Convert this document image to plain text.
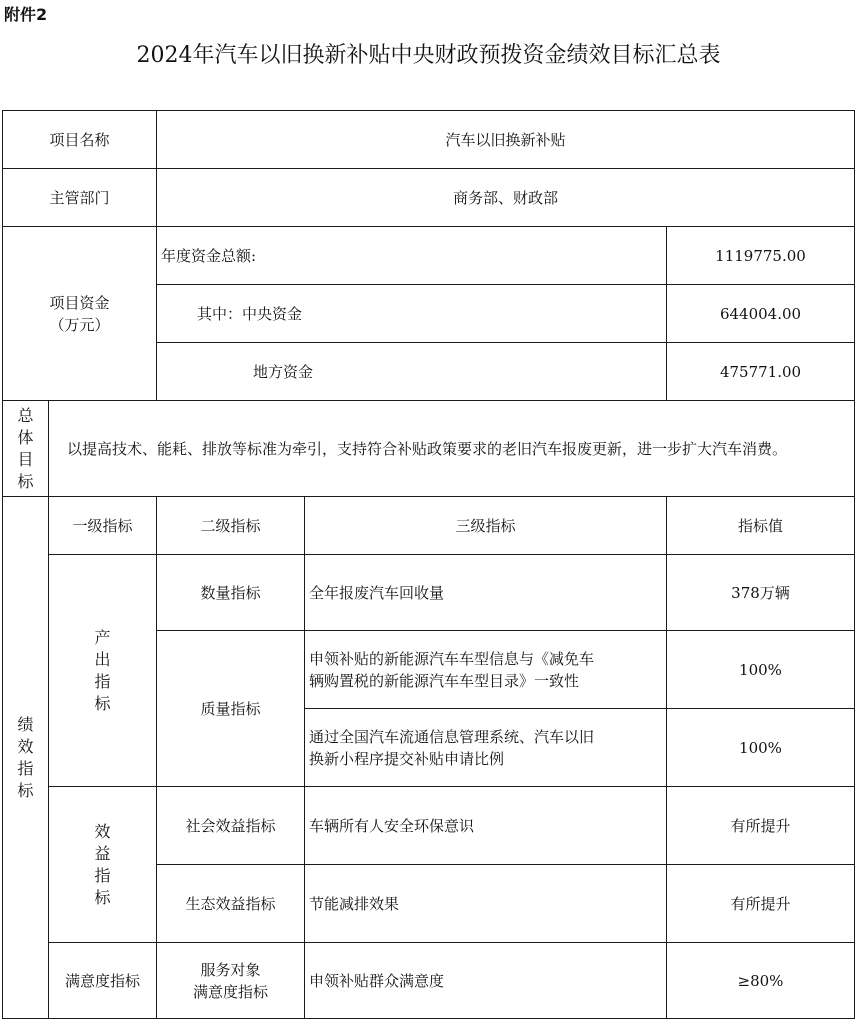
附件2
2024年汽车以旧换新补贴中央财政预拨资金绩效目标汇总表
项目名称		汽车以旧换新补贴		
主管部门		商务部、财政部		

项目资金
（万元）		年度资金总额:		1119775.00
		其中：中央资金		644004.00
		地方资金		475771.00

总
体
目
标	以提高技术、能耗、排放等标准为牵引，支持符合补贴政策要求的老旧汽车报废更新，进一步扩大汽车消费。			

绩
效
指
标	一级指标	二级指标	三级指标	指标值

	产
出
指
标	数量指标	全年报废汽车回收量	378万辆
		质量指标	申领补贴的新能源汽车车型信息与《减免车
辆购置税的新能源汽车车型目录》一致性	100%

			通过全国汽车流通信息管理系统、汽车以旧
换新小程序提交补贴申请比例	100%

	效
益
指
标	社会效益指标	车辆所有人安全环保意识	有所提升
		生态效益指标	节能减排效果	有所提升
	满意度指标	服务对象
满意度指标	申领补贴群众满意度	≥80%
